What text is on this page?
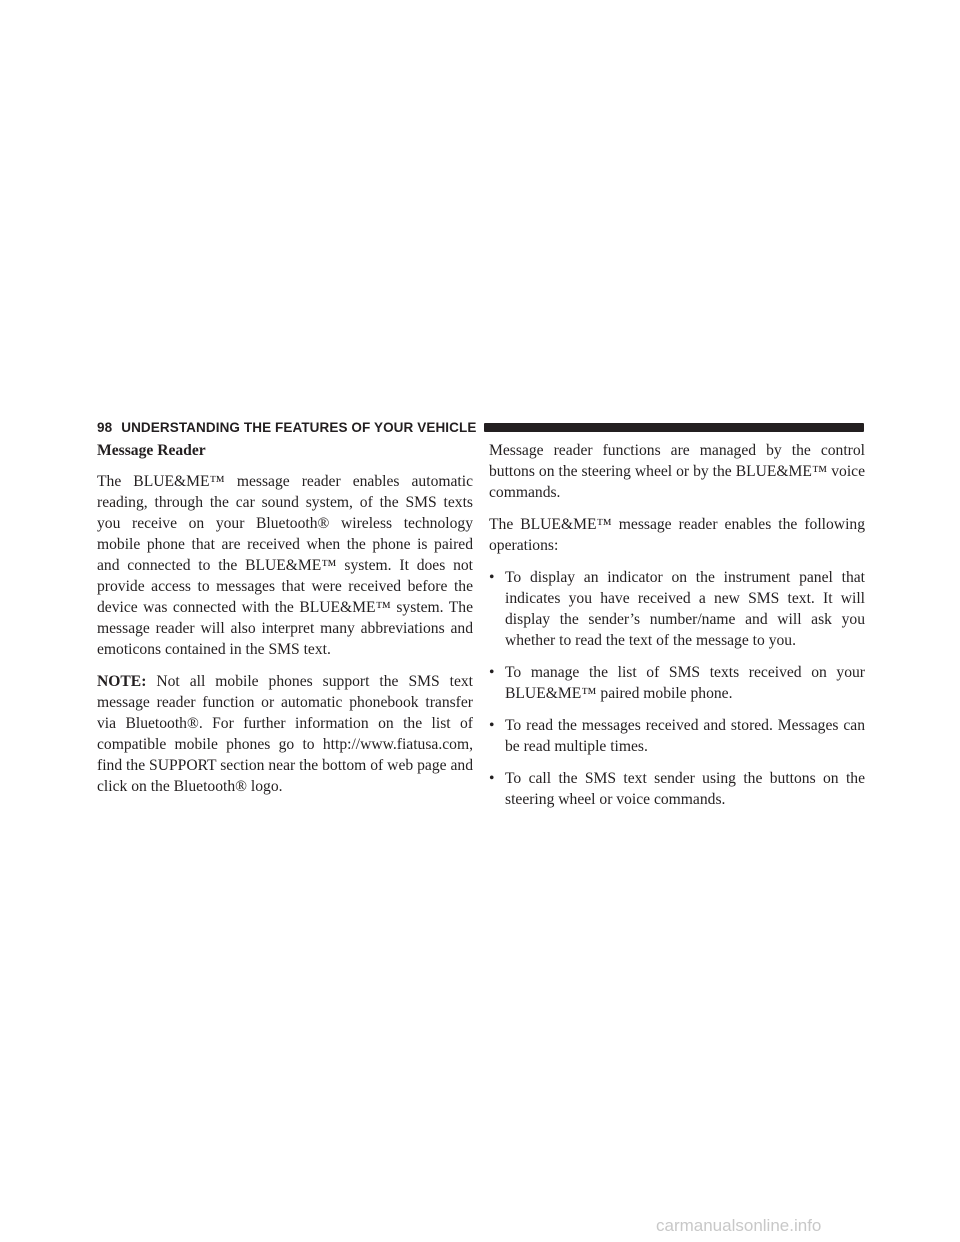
98 UNDERSTANDING THE FEATURES OF YOUR VEHICLE
Message Reader

The BLUE&ME™ message reader enables automatic reading, through the car sound system, of the SMS texts you receive on your Bluetooth® wireless technology mobile phone that are received when the phone is paired and connected to the BLUE&ME™ system. It does not provide access to messages that were received before the device was connected with the BLUE&ME™ system. The message reader will also interpret many abbreviations and emoticons contained in the SMS text.

NOTE: Not all mobile phones support the SMS text message reader function or automatic phonebook transfer via Bluetooth®. For further information on the list of compatible mobile phones go to http://www.fiatusa.com, find the SUPPORT section near the bottom of web page and click on the Bluetooth® logo.

Message reader functions are managed by the control buttons on the steering wheel or by the BLUE&ME™ voice commands.

The BLUE&ME™ message reader enables the following operations:

• To display an indicator on the instrument panel that indicates you have received a new SMS text. It will display the sender’s number/name and will ask you whether to read the text of the message to you.
• To manage the list of SMS texts received on your BLUE&ME™ paired mobile phone.
• To read the messages received and stored. Messages can be read multiple times.
• To call the SMS text sender using the buttons on the steering wheel or voice commands.
carmanualsonline.info
